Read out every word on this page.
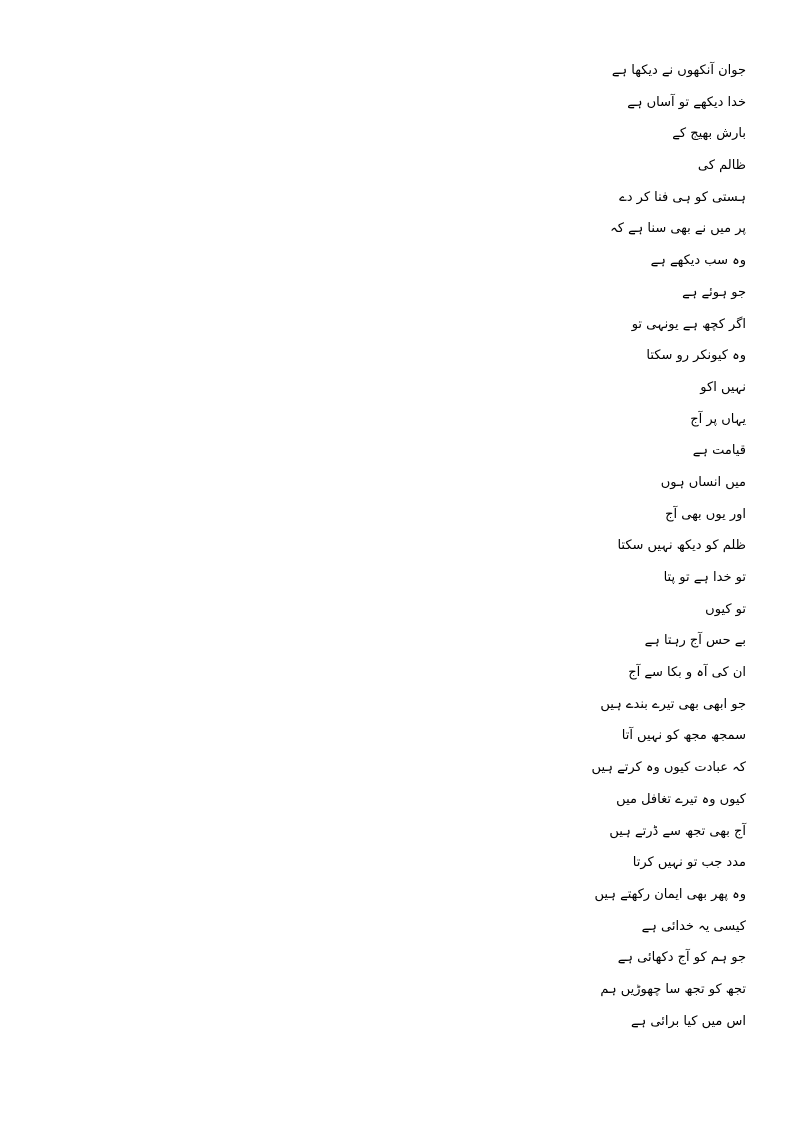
جوان آنکھوں نے دیکھا ہے
خدا دیکھے تو آساں ہے
بارش بھیج کے
ظالم کی
ہستی کو ہی فنا کر دے
پر میں نے بھی سنا ہے کہ
وہ سب دیکھے ہے
جو ہوئے ہے
اگر کچھ ہے یونہی تو
وہ کیونکر رو سکتا
نہیں اکو
یہاں پر آج
قیامت ہے
میں انساں ہوں
اور یوں بھی آج
ظلم کو دیکھ نہیں سکتا
تو خدا ہے تو پتا
تو کیوں
بے حس آج رہتا ہے
ان کی آہ و بکا سے آج
جو ابھی بھی تیرے بندے ہیں
سمجھ مجھ کو نہیں آتا
کہ عبادت کیوں وہ کرتے ہیں
کیوں وہ تیرے تغافل میں
آج بھی تجھ سے ڈرتے ہیں
مدد جب تو نہیں کرتا
وہ پھر بھی ایمان رکھتے ہیں
کیسی یہ خدائی ہے
جو ہم کو آج دکھائی ہے
تجھ کو تجھ سا چھوڑیں ہم
اس میں کیا برائی ہے
